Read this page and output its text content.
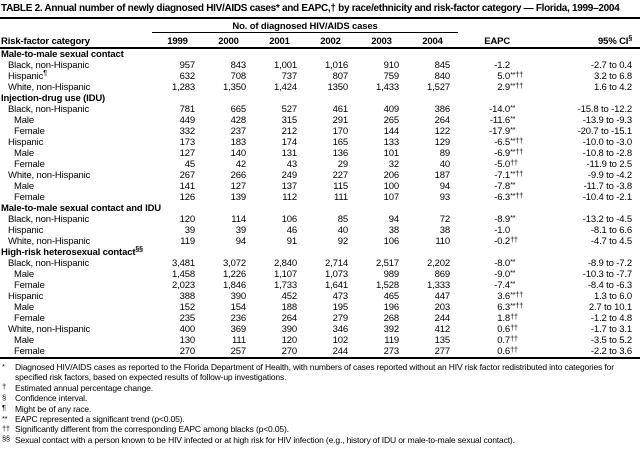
TABLE 2. Annual number of newly diagnosed HIV/AIDS cases* and EAPC,† by race/ethnicity and risk-factor category — Florida, 1999–2004
	No. of diagnosed HIV/AIDS cases							
Risk-factor category	1999	2000	2001	2002	2003	2004	EAPC	95% CI§
Male-to-male sexual contact								
Black, non-Hispanic	957	843	1,001	1,016	910	845	-1.2	-2.7 to 0.4
Hispanic¶	632	708	737	807	759	840	5.0**††	3.2 to 6.8
White, non-Hispanic	1,283	1,350	1,424	1350	1,433	1,527	2.9**††	1.6 to 4.2
Injection-drug use (IDU)								
Black, non-Hispanic	781	665	527	461	409	386	-14.0**	-15.8 to -12.2
Male	449	428	315	291	265	264	-11.6**	-13.9 to -9.3
Female	332	237	212	170	144	122	-17.9**	-20.7 to -15.1
Hispanic	173	183	174	165	133	129	-6.5**††	-10.0 to -3.0
Male	127	140	131	136	101	89	-6.9**††	-10.8 to -2.8
Female	45	42	43	29	32	40	-5.0††	-11.9 to 2.5
White, non-Hispanic	267	266	249	227	206	187	-7.1**††	-9.9 to -4.2
Male	141	127	137	115	100	94	-7.8**	-11.7 to -3.8
Female	126	139	112	111	107	93	-6.3**††	-10.4 to -2.1
Male-to-male sexual contact and IDU								
Black, non-Hispanic	120	114	106	85	94	72	-8.9**	-13.2 to -4.5
Hispanic	39	39	46	40	38	38	-1.0	-8.1 to 6.6
White, non-Hispanic	119	94	91	92	106	110	-0.2††	-4.7 to 4.5
High-risk heterosexual contact§§
Black, non-Hispanic	3,481	3,072	2,840	2,714	2,517	2,202	-8.0**	-8.9 to -7.2
Male	1,458	1,226	1,107	1,073	989	869	-9.0**	-10.3 to -7.7
Female	2,023	1,846	1,733	1,641	1,528	1,333	-7.4**	-8.4 to -6.3
Hispanic	388	390	452	473	465	447	3.6**††	1.3 to 6.0
Male	152	154	188	195	196	203	6.3**††	2.7 to 10.1
Female	235	236	264	279	268	244	1.8††	-1.2 to 4.8
White, non-Hispanic	400	369	390	346	392	412	0.6††	-1.7 to 3.1
Male	130	111	120	102	119	135	0.7††	-3.5 to 5.2
Female	270	257	270	244	273	277	0.6††	-2.2 to 3.6
*	Diagnosed HIV/AIDS cases as reported to the Florida Department of Health, with numbers of cases reported without an HIV risk factor redistributed into categories for specified risk factors, based on expected results of follow-up investigations.
†	Estimated annual percentage change.
§	Confidence interval.
¶	Might be of any race.
** EAPC represented a significant trend (p<0.05).
†† Significantly different from the corresponding EAPC among blacks (p<0.05).
§§ Sexual contact with a person known to be HIV infected or at high risk for HIV infection (e.g., history of IDU or male-to-male sexual contact).
